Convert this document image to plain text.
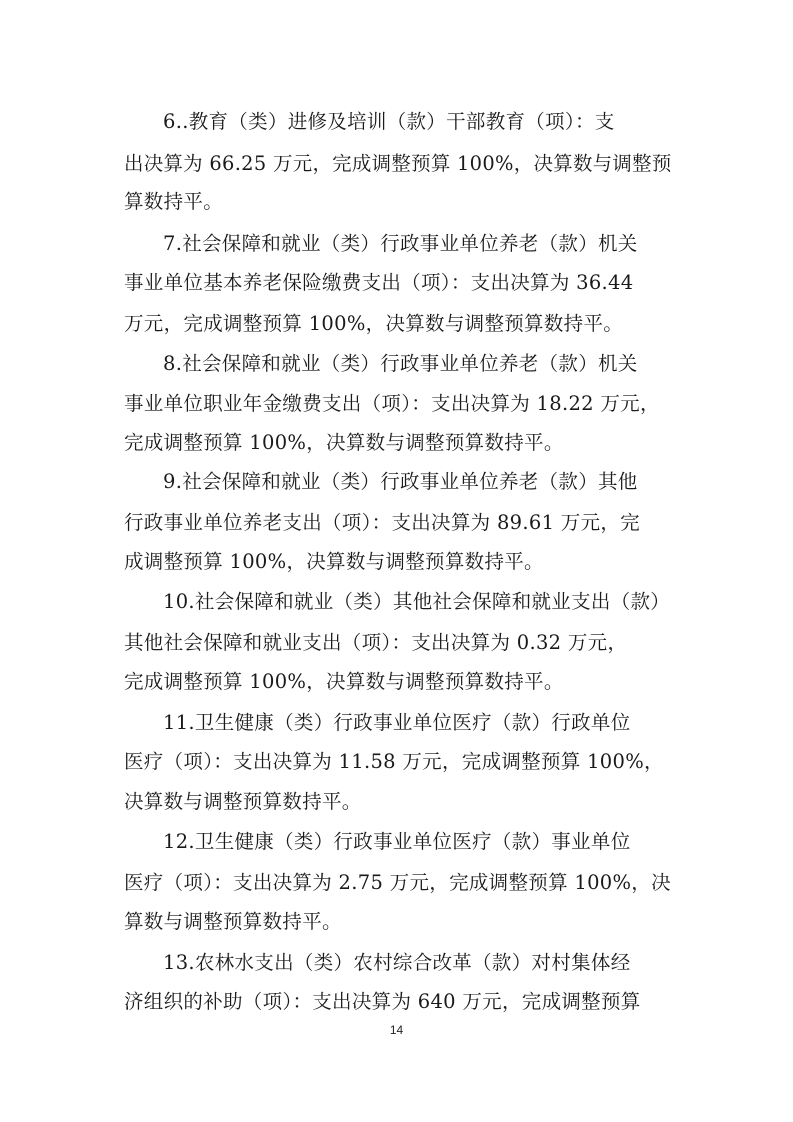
6..教育（类）进修及培训（款）干部教育（项）：支
出决算为 66.25 万元，完成调整预算 100%，决算数与调整预
算数持平。
7.社会保障和就业（类）行政事业单位养老（款）机关
事业单位基本养老保险缴费支出（项）：支出决算为 36.44
万元，完成调整预算 100%，决算数与调整预算数持平。
8.社会保障和就业（类）行政事业单位养老（款）机关
事业单位职业年金缴费支出（项）：支出决算为 18.22 万元，
完成调整预算 100%，决算数与调整预算数持平。
9.社会保障和就业（类）行政事业单位养老（款）其他
行政事业单位养老支出（项）：支出决算为 89.61 万元，完
成调整预算 100%，决算数与调整预算数持平。
10.社会保障和就业（类）其他社会保障和就业支出（款）
其他社会保障和就业支出（项）：支出决算为 0.32 万元，
完成调整预算 100%，决算数与调整预算数持平。
11.卫生健康（类）行政事业单位医疗（款）行政单位
医疗（项）：支出决算为 11.58 万元，完成调整预算 100%，
决算数与调整预算数持平。
12.卫生健康（类）行政事业单位医疗（款）事业单位
医疗（项）：支出决算为 2.75 万元，完成调整预算 100%，决
算数与调整预算数持平。
13.农林水支出（类）农村综合改革（款）对村集体经
济组织的补助（项）：支出决算为 640 万元，完成调整预算
14
